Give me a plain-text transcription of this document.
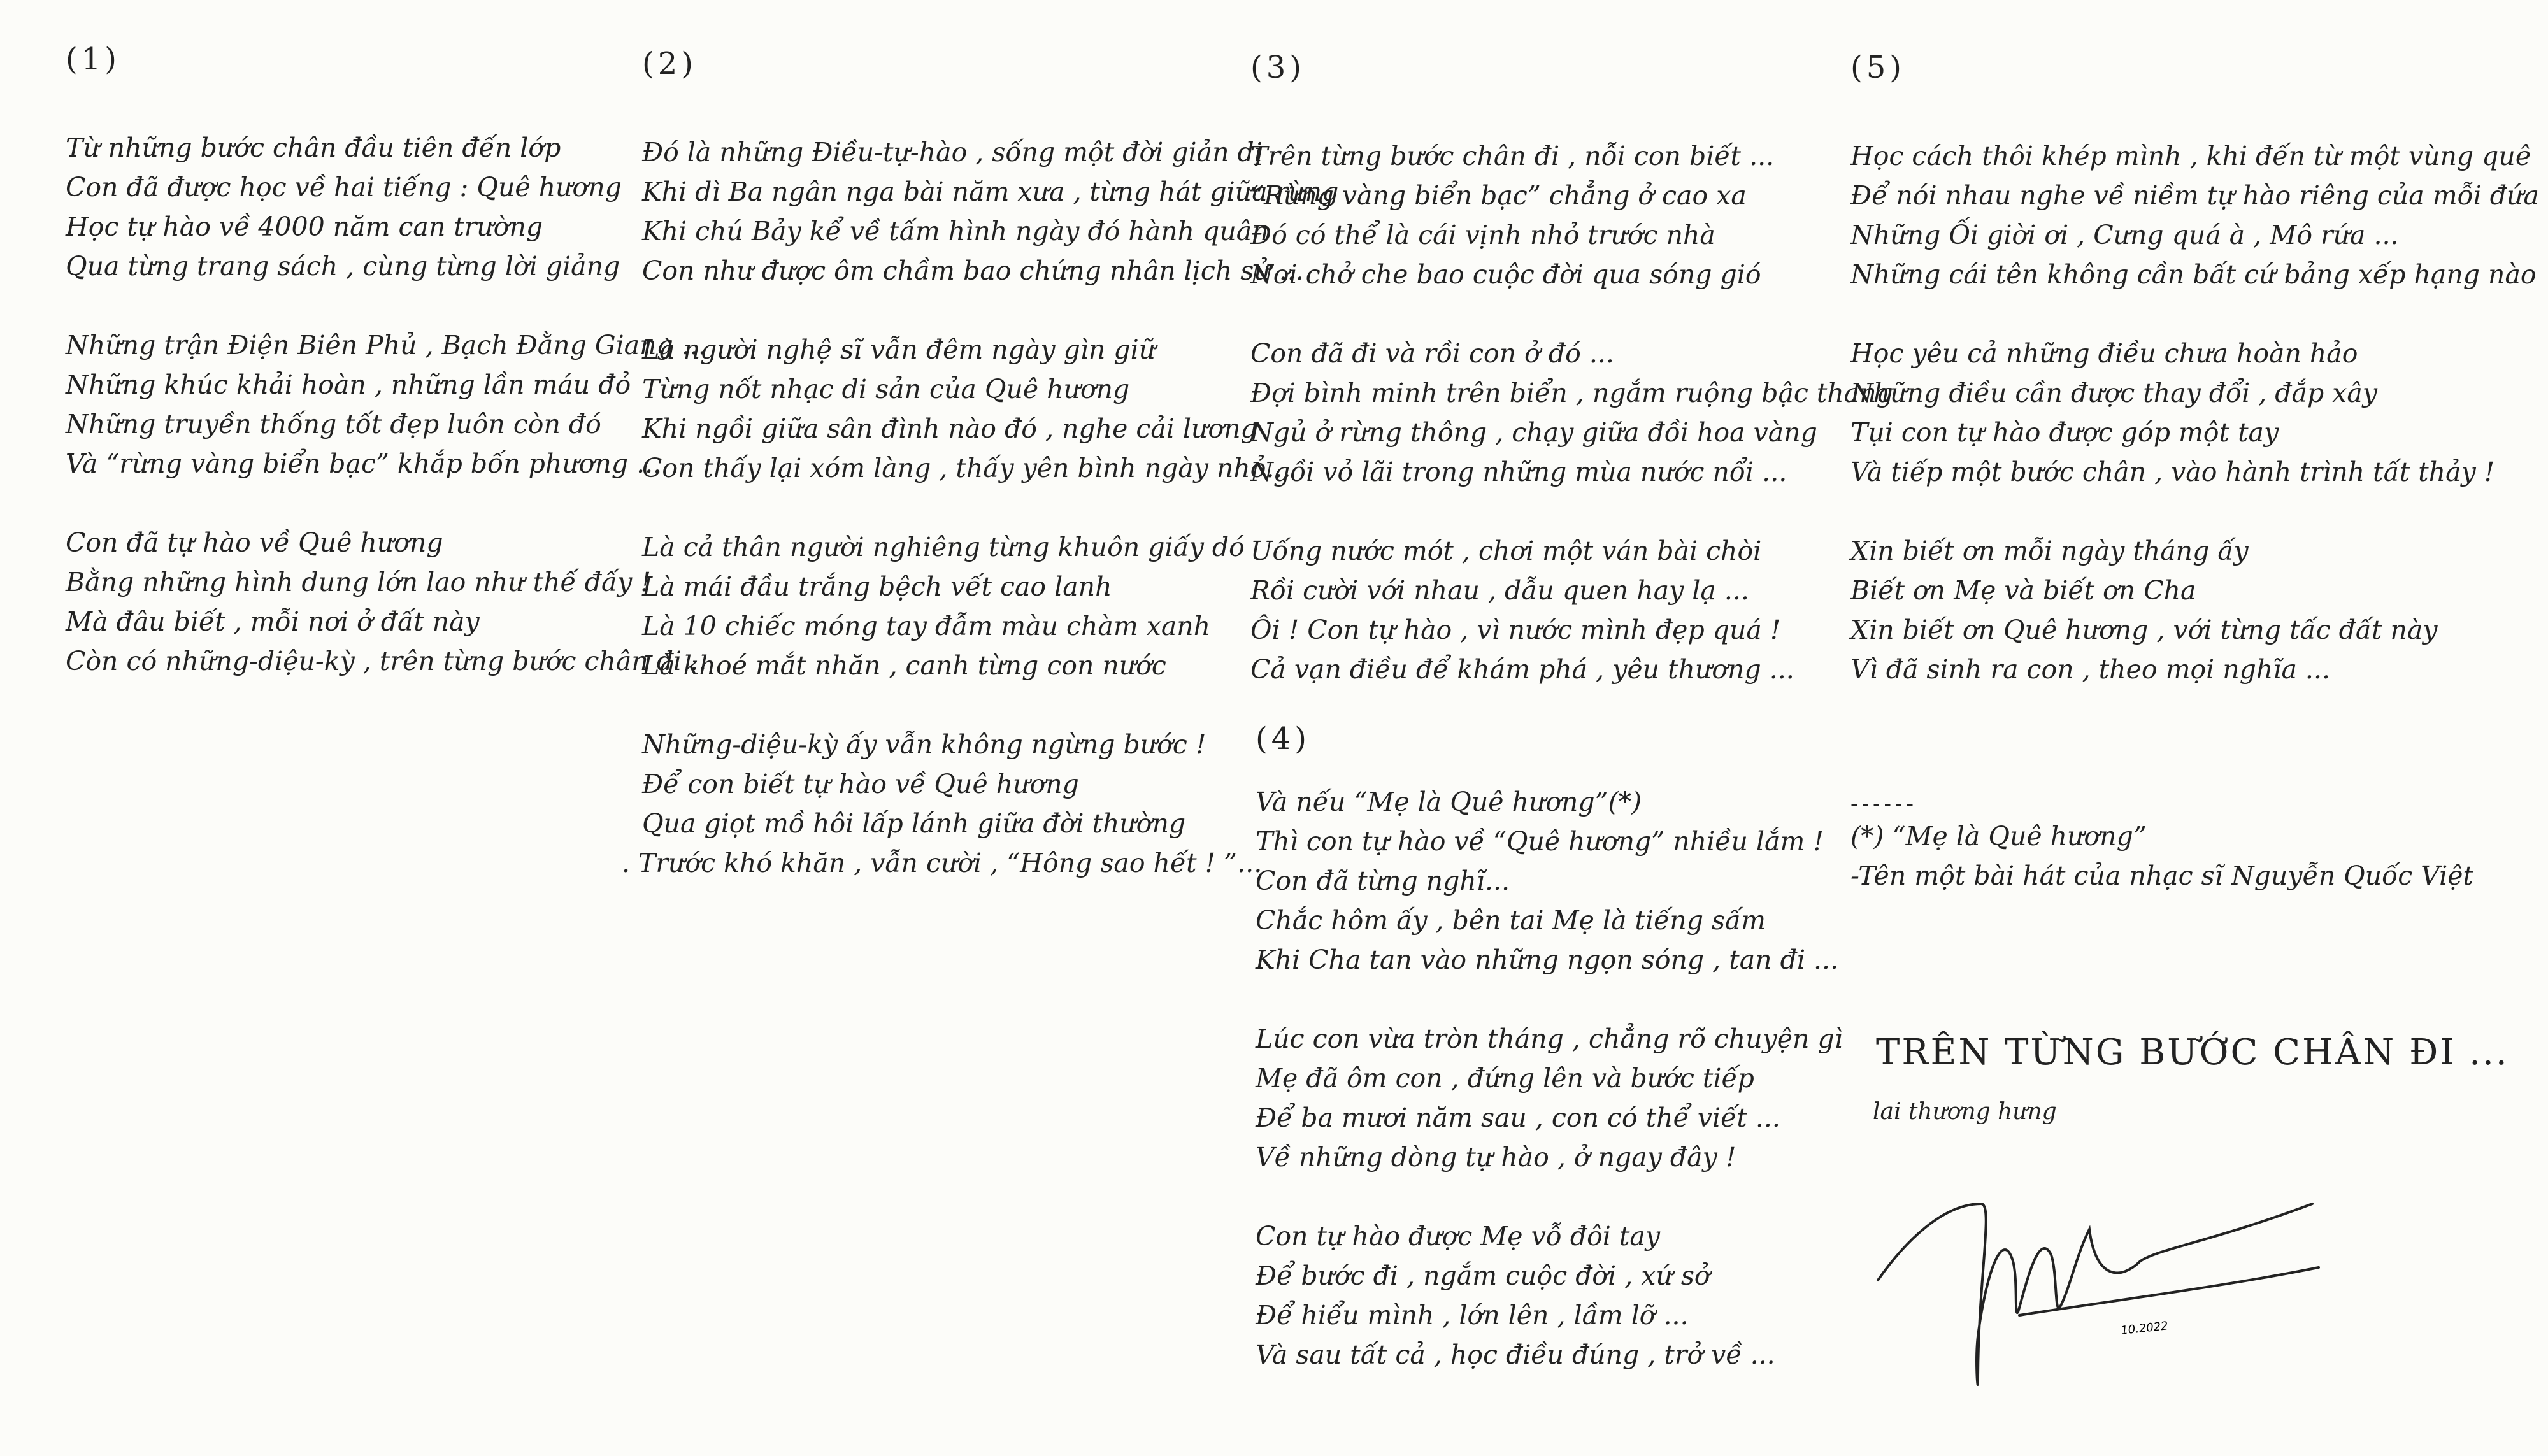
(1)
Từ những bước chân đầu tiên đến lớp
Con đã được học về hai tiếng : Quê hương
Học tự hào về 4000 năm can trường
Qua từng trang sách , cùng từng lời giảng
Những trận Điện Biên Phủ , Bạch Đằng Giang ...
Những khúc khải hoàn , những lần máu đỏ
Những truyền thống tốt đẹp luôn còn đó
Và “rừng vàng biển bạc” khắp bốn phương ...
Con đã tự hào về Quê hương
Bằng những hình dung lớn lao như thế đấy !
Mà đâu biết , mỗi nơi ở đất này
Còn có những-diệu-kỳ , trên từng bước chân đi ..
(2)
Đó là những Điều-tự-hào , sống một đời giản dị
Khi dì Ba ngân nga bài năm xưa , từng hát giữa rừng
Khi chú Bảy kể về tấm hình ngày đó hành quân
Con như được ôm chầm bao chứng nhân lịch sử ...
Là người nghệ sĩ vẫn đêm ngày gìn giữ
Từng nốt nhạc di sản của Quê hương
Khi ngồi giữa sân đình nào đó , nghe cải lương
Con thấy lại xóm làng , thấy yên bình ngày nhỏ...
Là cả thân người nghiêng từng khuôn giấy dó
Là mái đầu trắng bệch vết cao lanh
Là 10 chiếc móng tay đẫm màu chàm xanh
Là khoé mắt nhăn , canh từng con nước
Những-diệu-kỳ ấy vẫn không ngừng bước !
Để con biết tự hào về Quê hương
Qua giọt mồ hôi lấp lánh giữa đời thường
. Trước khó khăn , vẫn cười , “Hông sao hết ! ”...
(3)
Trên từng bước chân đi , nỗi con biết ...
“Rừng vàng biển bạc” chẳng ở cao xa
Đó có thể là cái vịnh nhỏ trước nhà
Nơi chở che bao cuộc đời qua sóng gió
Con đã đi và rồi con ở đó ...
Đợi bình minh trên biển , ngắm ruộng bậc thang
Ngủ ở rừng thông , chạy giữa đồi hoa vàng
Ngồi vỏ lãi trong những mùa nước nổi ...
Uống nước mót , chơi một ván bài chòi
Rồi cười với nhau , dẫu quen hay lạ ...
Ôi ! Con tự hào , vì nước mình đẹp quá !
Cả vạn điều để khám phá , yêu thương ...
(4)
Và nếu “Mẹ là Quê hương”(*)
Thì con tự hào về “Quê hương” nhiều lắm !
Con đã từng nghĩ...
Chắc hôm ấy , bên tai Mẹ là tiếng sấm
Khi Cha tan vào những ngọn sóng , tan đi ...
Lúc con vừa tròn tháng , chẳng rõ chuyện gì
Mẹ đã ôm con , đứng lên và bước tiếp
Để ba mươi năm sau , con có thể viết ...
Về những dòng tự hào , ở ngay đây !
Con tự hào được Mẹ vỗ đôi tay
Để bước đi , ngắm cuộc đời , xứ sở
Để hiểu mình , lớn lên , lầm lỡ ...
Và sau tất cả , học điều đúng , trở về ...
(5)
Học cách thôi khép mình , khi đến từ một vùng quê
Để nói nhau nghe về niềm tự hào riêng của mỗi đứa
Những Ối giời ơi , Cưng quá à , Mô rứa ...
Những cái tên không cần bất cứ bảng xếp hạng nào
Học yêu cả những điều chưa hoàn hảo
Những điều cần được thay đổi , đắp xây
Tụi con tự hào được góp một tay
Và tiếp một bước chân , vào hành trình tất thảy !
Xin biết ơn mỗi ngày tháng ấy
Biết ơn Mẹ và biết ơn Cha
Xin biết ơn Quê hương , với từng tấc đất này
Vì đã sinh ra con , theo mọi nghĩa ...
------
(*) “Mẹ là Quê hương”
-Tên một bài hát của nhạc sĩ Nguyễn Quốc Việt
TRÊN TỪNG BƯỚC CHÂN ĐI ...
lai thương hưng
10.2022
